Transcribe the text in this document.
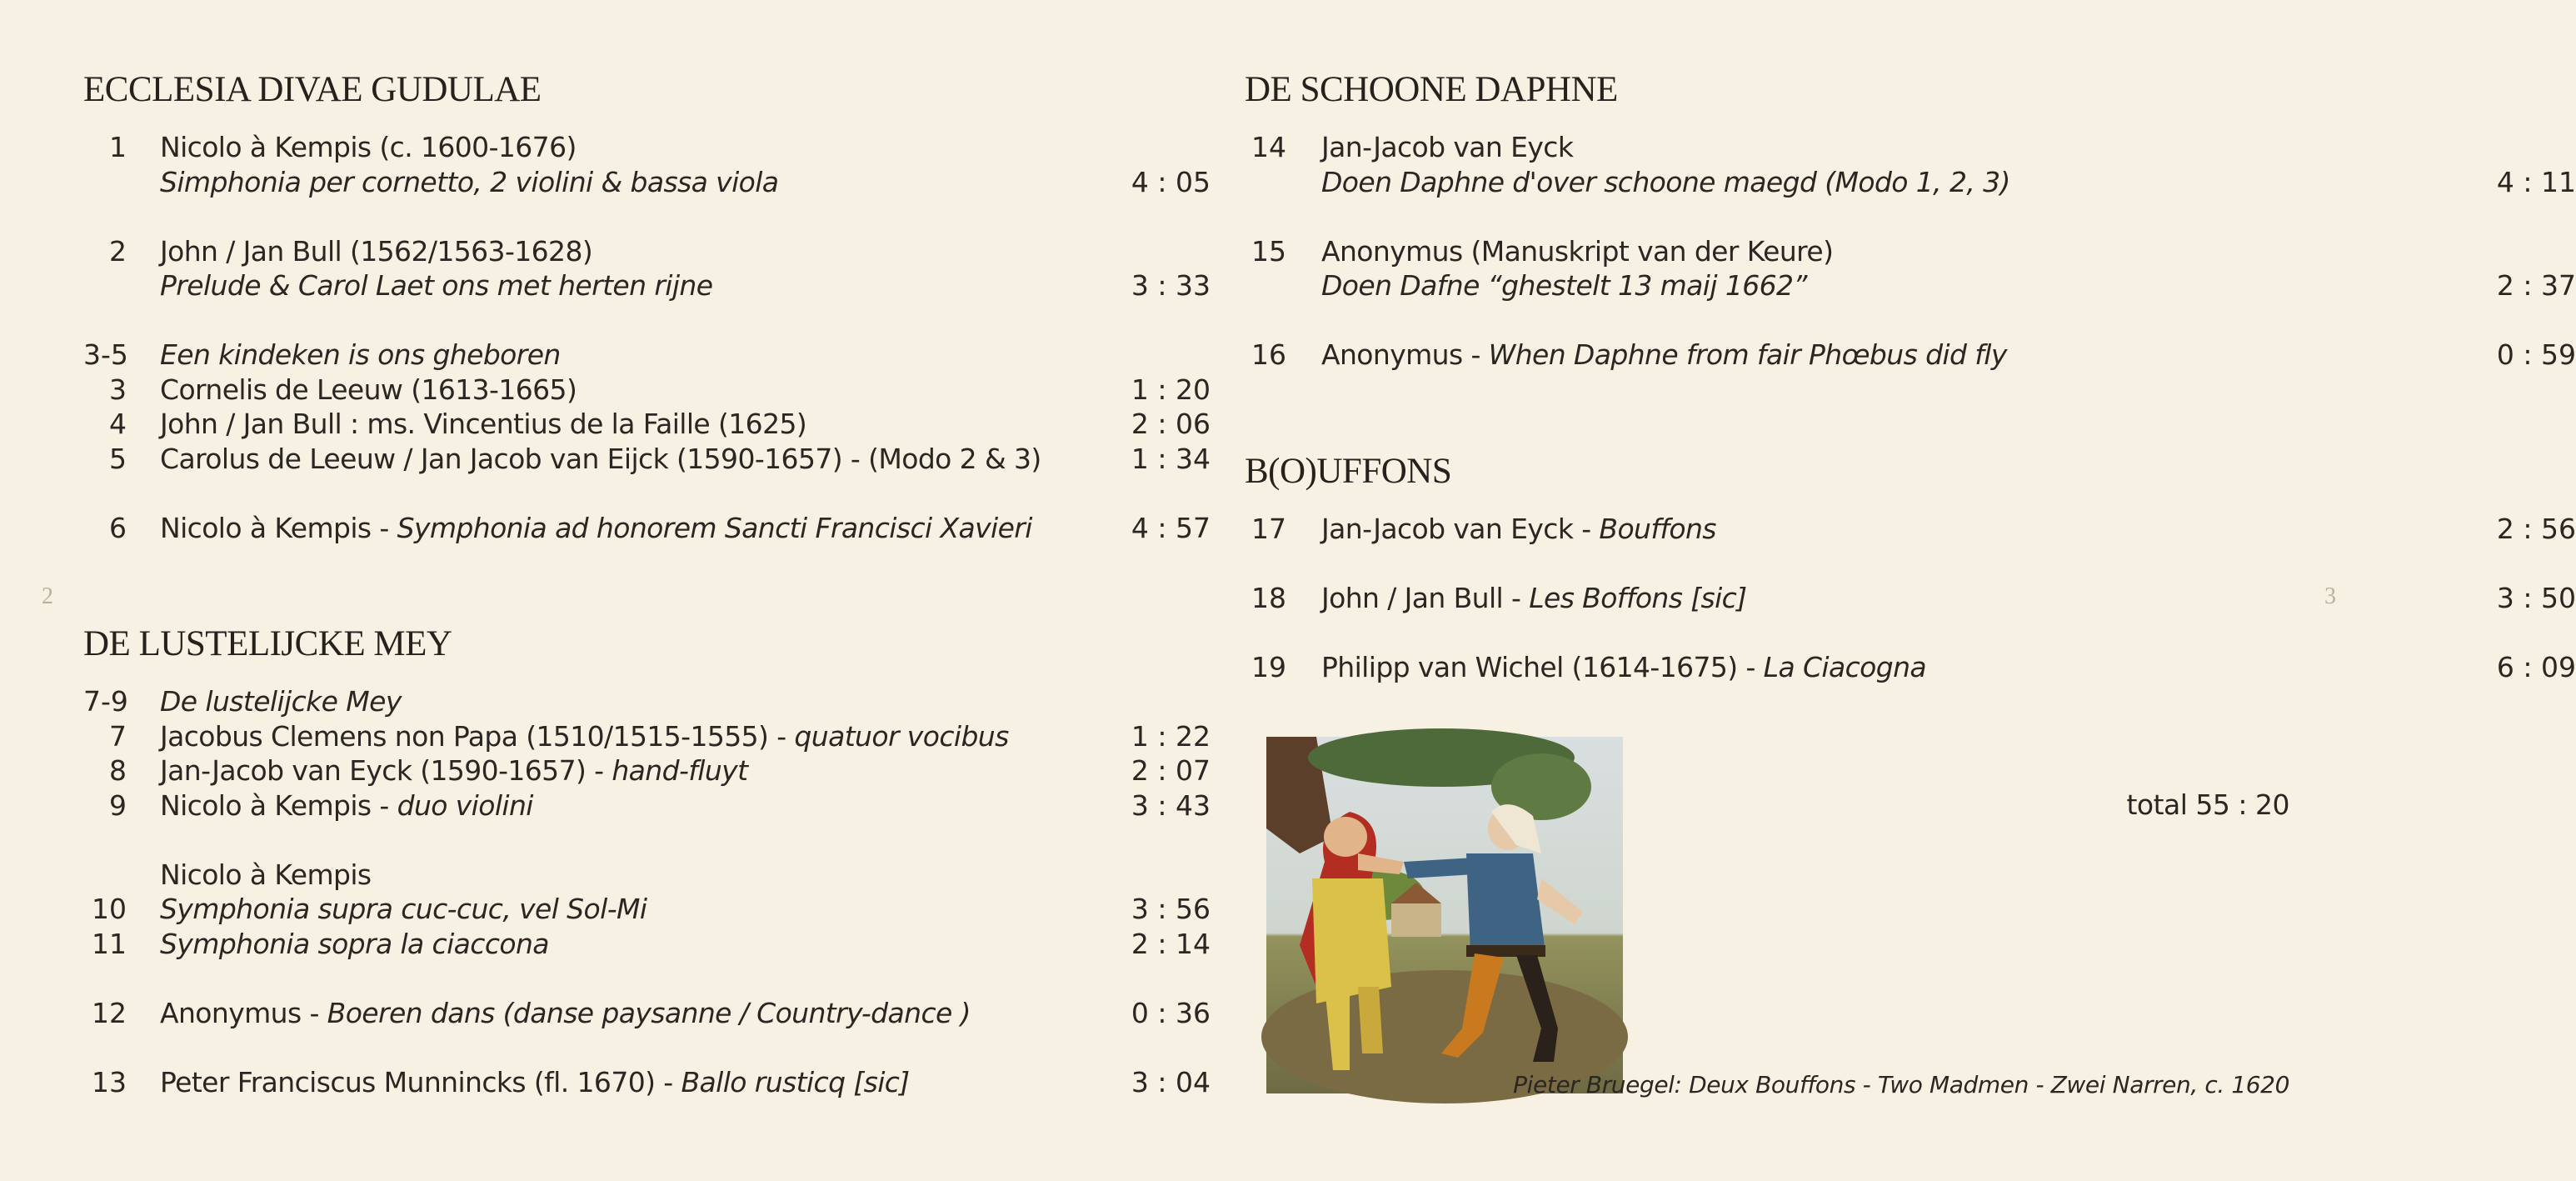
2
ECCLESIA DIVAE GUDULAE
1 Nicolo à Kempis (c. 1600-1676)
Simphonia per cornetto, 2 violini & bassa viola	4 : 05
2 John / Jan Bull (1562/1563-1628)
Prelude & Carol Laet ons met herten rijne	3 : 33
3-5 Een kindeken is ons gheboren
3 Cornelis de Leeuw (1613-1665)	1 : 20
4 John / Jan Bull : ms. Vincentius de la Faille (1625)	2 : 06
5 Carolus de Leeuw / Jan Jacob van Eijck (1590-1657) - (Modo 2 & 3)	1 : 34
6 Nicolo à Kempis - Symphonia ad honorem Sancti Francisci Xavieri	4 : 57
DE LUSTELIJCKE MEY
7-9 De lustelijcke Mey
7 Jacobus Clemens non Papa (1510/1515-1555) - quatuor vocibus	1 : 22
8 Jan-Jacob van Eyck (1590-1657) - hand-fluyt	2 : 07
9 Nicolo à Kempis - duo violini	3 : 43
Nicolo à Kempis
10 Symphonia supra cuc-cuc, vel Sol-Mi	3 : 56
11 Symphonia sopra la ciaccona	2 : 14
12 Anonymus - Boeren dans (danse paysanne / Country-dance )	0 : 36
13 Peter Franciscus Munnincks (fl. 1670) - Ballo rusticq [sic]	3 : 04
3
DE SCHOONE DAPHNE
14 Jan-Jacob van Eyck
Doen Daphne d'over schoone maegd (Modo 1, 2, 3)	4 : 11
15 Anonymus (Manuskript van der Keure)
Doen Dafne “ghestelt 13 maij 1662”	2 : 37
16 Anonymus - When Daphne from fair Phœbus did fly	0 : 59
B(O)UFFONS
17 Jan-Jacob van Eyck - Bouffons	2 : 56
18 John / Jan Bull - Les Boffons [sic]	3 : 50
19 Philipp van Wichel (1614-1675) - La Ciacogna	6 : 09
total 55 : 20
Pieter Bruegel: Deux Bouffons - Two Madmen - Zwei Narren, c. 1620
